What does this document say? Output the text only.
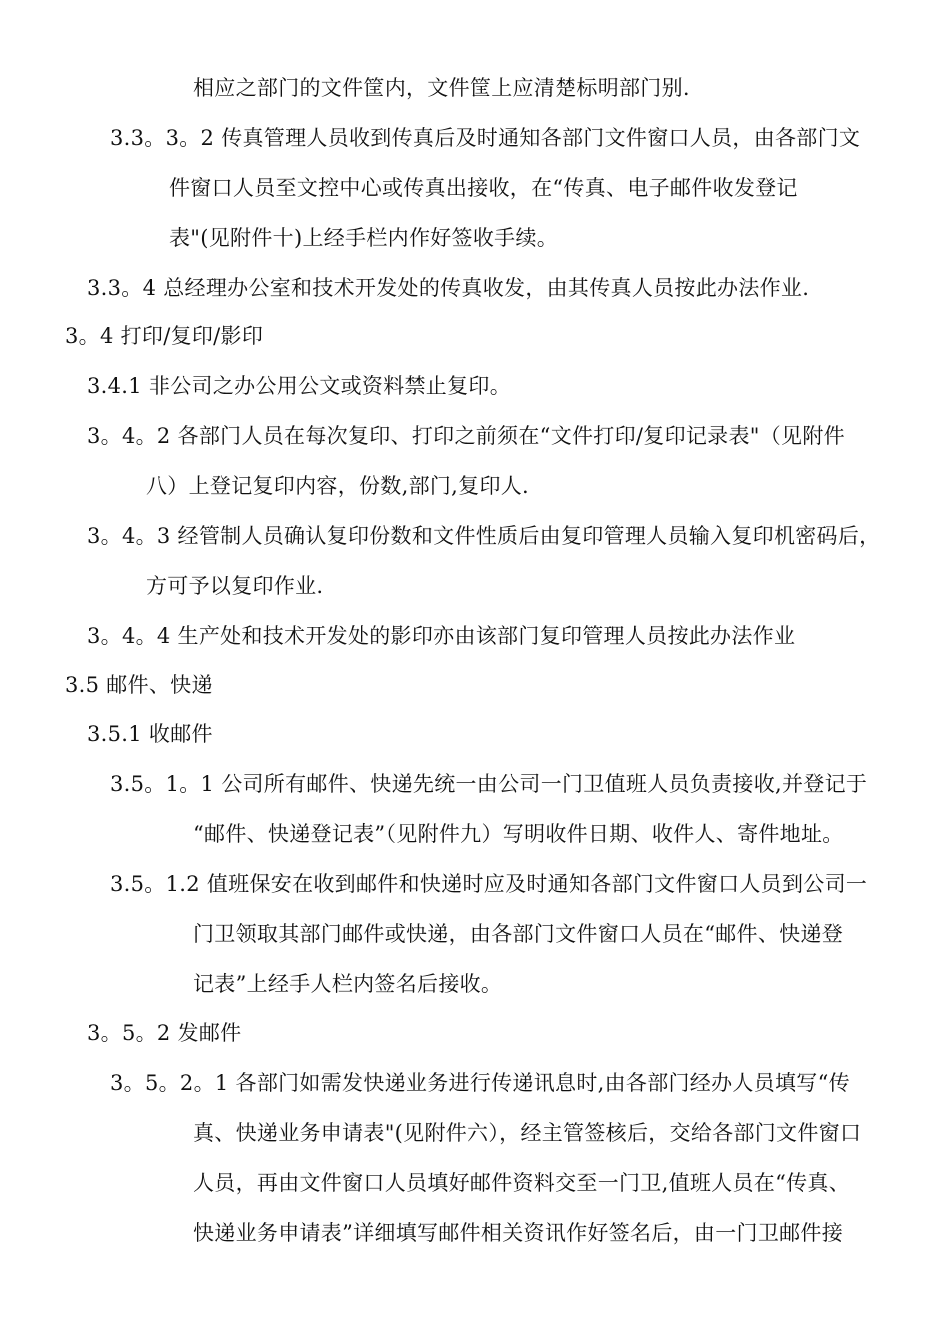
相应之部门的文件筐内，文件筐上应清楚标明部门别.
3.3。3。2 传真管理人员收到传真后及时通知各部门文件窗口人员，由各部门文
件窗口人员至文控中心或传真出接收，在“传真、电子邮件收发登记
表"(见附件十)上经手栏内作好签收手续。
3.3。4 总经理办公室和技术开发处的传真收发，由其传真人员按此办法作业.
3。4 打印/复印/影印
3.4.1 非公司之办公用公文或资料禁止复印。
3。4。2 各部门人员在每次复印、打印之前须在“文件打印/复印记录表"（见附件
八）上登记复印内容，份数,部门,复印人.
3。4。3 经管制人员确认复印份数和文件性质后由复印管理人员输入复印机密码后，
方可予以复印作业.
3。4。4 生产处和技术开发处的影印亦由该部门复印管理人员按此办法作业
3.5 邮件、快递
3.5.1 收邮件
3.5。1。1 公司所有邮件、快递先统一由公司一门卫值班人员负责接收,并登记于
“邮件、快递登记表”（见附件九）写明收件日期、收件人、寄件地址。
3.5。1.2 值班保安在收到邮件和快递时应及时通知各部门文件窗口人员到公司一
门卫领取其部门邮件或快递，由各部门文件窗口人员在“邮件、快递登
记表”上经手人栏内签名后接收。
3。5。2 发邮件
3。5。2。1 各部门如需发快递业务进行传递讯息时,由各部门经办人员填写“传
真、快递业务申请表"(见附件六），经主管签核后，交给各部门文件窗口
人员，再由文件窗口人员填好邮件资料交至一门卫,值班人员在“传真、
快递业务申请表”详细填写邮件相关资讯作好签名后，由一门卫邮件接
